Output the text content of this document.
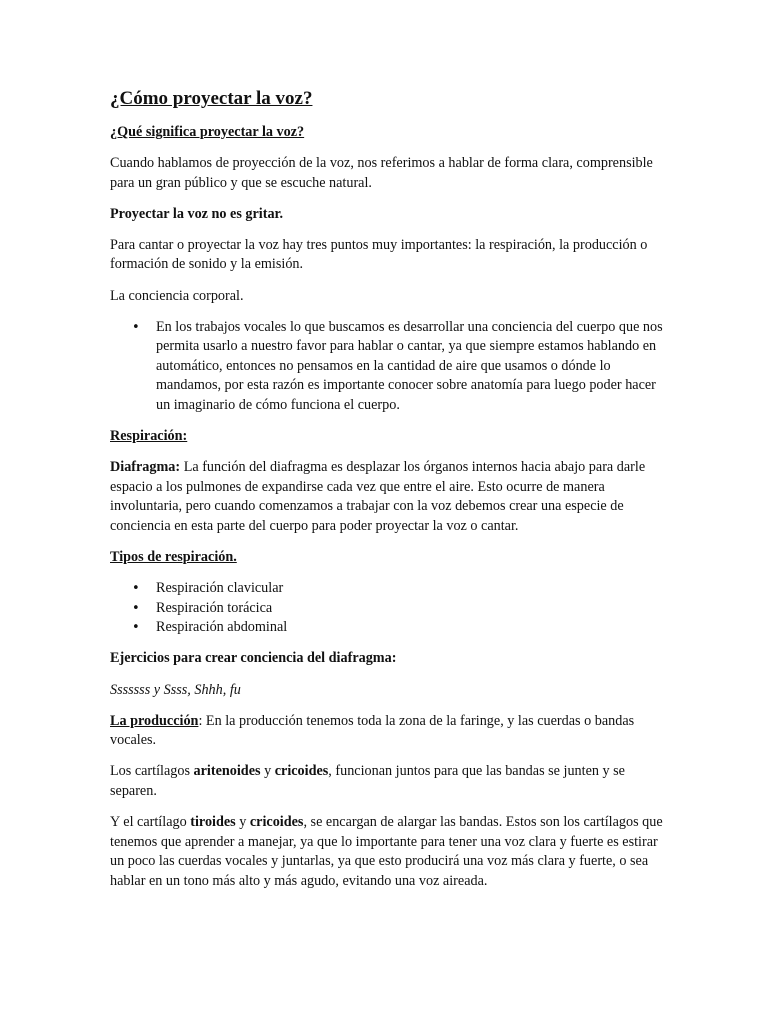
¿Cómo proyectar la voz?

¿Qué significa proyectar la voz?

Cuando hablamos de proyección de la voz, nos referimos a hablar de forma clara, comprensible para un gran público y que se escuche natural.

Proyectar la voz no es gritar.

Para cantar o proyectar la voz hay tres puntos muy importantes: la respiración, la producción o formación de sonido y la emisión.

La conciencia corporal.

• En los trabajos vocales lo que buscamos es desarrollar una conciencia del cuerpo que nos permita usarlo a nuestro favor para hablar o cantar, ya que siempre estamos hablando en automático, entonces no pensamos en la cantidad de aire que usamos o dónde lo mandamos, por esta razón es importante conocer sobre anatomía para luego poder hacer un imaginario de cómo funciona el cuerpo.

Respiración:

Diafragma: La función del diafragma es desplazar los órganos internos hacia abajo para darle espacio a los pulmones de expandirse cada vez que entre el aire. Esto ocurre de manera involuntaria, pero cuando comenzamos a trabajar con la voz debemos crear una especie de conciencia en esta parte del cuerpo para poder proyectar la voz o cantar.

Tipos de respiración.

• Respiración clavicular
• Respiración torácica
• Respiración abdominal

Ejercicios para crear conciencia del diafragma:

Sssssss y Ssss, Shhh, fu

La producción: En la producción tenemos toda la zona de la faringe, y las cuerdas o bandas vocales.

Los cartílagos aritenoides y cricoides, funcionan juntos para que las bandas se junten y se separen.

Y el cartílago tiroides y cricoides, se encargan de alargar las bandas. Estos son los cartílagos que tenemos que aprender a manejar, ya que lo importante para tener una voz clara y fuerte es estirar un poco las cuerdas vocales y juntarlas, ya que esto producirá una voz más clara y fuerte, o sea hablar en un tono más alto y más agudo, evitando una voz aireada.
